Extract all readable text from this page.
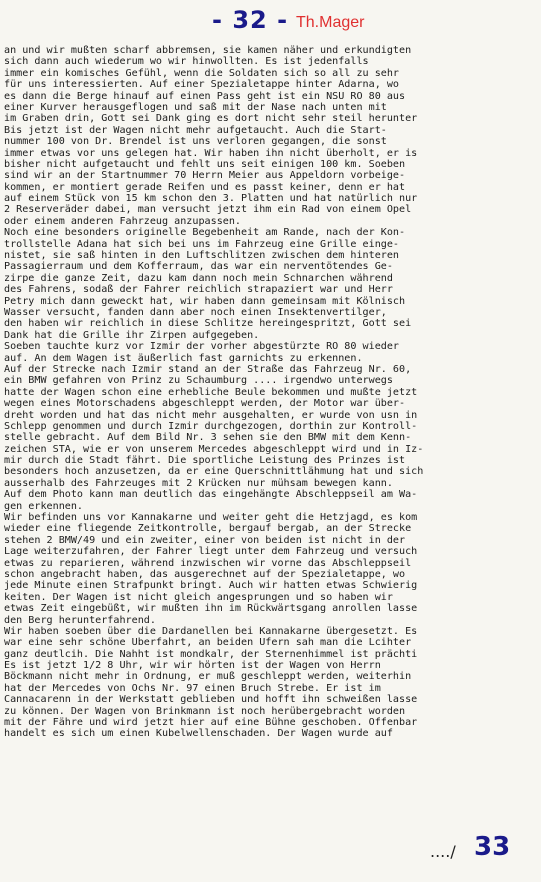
- 32 - Th.Mager
an und wir mußten scharf abbremsen, sie kamen näher und erkundigten
sich dann auch wiederum wo wir hinwollten. Es ist jedenfalls
immer ein komisches Gefühl, wenn die Soldaten sich so all zu sehr
für uns interessierten. Auf einer Spezialetappe hinter Adarna, wo
es dann die Berge hinauf auf einen Pass geht ist ein NSU RO 80 aus
einer Kurver herausgeflogen und saß mit der Nase nach unten mit
im Graben drin, Gott sei Dank ging es dort nicht sehr steil herunter
Bis jetzt ist der Wagen nicht mehr aufgetaucht. Auch die Start-
nummer 100 von Dr. Brendel ist uns verloren gegangen, die sonst
immer etwas vor uns gelegen hat. Wir haben ihn nicht überholt, er is
bisher nicht aufgetaucht und fehlt uns seit einigen 100 km. Soeben
sind wir an der Startnummer 70 Herrn Meier aus Appeldorn vorbeige-
kommen, er montiert gerade Reifen und es passt keiner, denn er hat
auf einem Stück von 15 km schon den 3. Platten und hat natürlich nur
2 Reserveräder dabei, man versucht jetzt ihm ein Rad von einem Opel
oder einem anderen Fahrzeug anzupassen.
Noch eine besonders originelle Begebenheit am Rande, nach der Kon-
trollstelle Adana hat sich bei uns im Fahrzeug eine Grille einge-
nistet, sie saß hinten in den Luftschlitzen zwischen dem hinteren
Passagierraum und dem Kofferraum, das war ein nerventötendes Ge-
zirpe die ganze Zeit, dazu kam dann noch mein Schnarchen während
des Fahrens, sodaß der Fahrer reichlich strapaziert war und Herr
Petry mich dann geweckt hat, wir haben dann gemeinsam mit Kölnisch
Wasser versucht, fanden dann aber noch einen Insektenvertilger,
den haben wir reichlich in diese Schlitze hereingespritzt, Gott sei
Dank hat die Grille ihr Zirpen aufgegeben.
Soeben tauchte kurz vor Izmir der vorher abgestürzte RO 80 wieder
auf. An dem Wagen ist äußerlich fast garnichts zu erkennen.
Auf der Strecke nach Izmir stand an der Straße das Fahrzeug Nr. 60,
ein BMW gefahren von Prinz zu Schaumburg .... irgendwo unterwegs
hatte der Wagen schon eine erhebliche Beule bekommen und mußte jetzt
wegen eines Motorschadens abgeschleppt werden, der Motor war über-
dreht worden und hat das nicht mehr ausgehalten, er wurde von usn in
Schlepp genommen und durch Izmir durchgezogen, dorthin zur Kontroll-
stelle gebracht. Auf dem Bild Nr. 3 sehen sie den BMW mit dem Kenn-
zeichen STA, wie er von unserem Mercedes abgeschleppt wird und in Iz-
mir durch die Stadt fährt. Die sportliche Leistung des Prinzes ist
besonders hoch anzusetzen, da er eine Querschnittlähmung hat und sich
ausserhalb des Fahrzeuges mit 2 Krücken nur mühsam bewegen kann.
Auf dem Photo kann man deutlich das eingehängte Abschleppseil am Wa-
gen erkennen.
Wir befinden uns vor Kannakarne und weiter geht die Hetzjagd, es kom
wieder eine fliegende Zeitkontrolle, bergauf bergab, an der Strecke
stehen 2 BMW/49 und ein zweiter, einer von beiden ist nicht in der
Lage weiterzufahren, der Fahrer liegt unter dem Fahrzeug und versuch
etwas zu reparieren, während inzwischen wir vorne das Abschleppseil
schon angebracht haben, das ausgerechnet auf der Spezialetappe, wo
jede Minute einen Strafpunkt bringt. Auch wir hatten etwas Schwierig
keiten. Der Wagen ist nicht gleich angesprungen und so haben wir
etwas Zeit eingebüßt, wir mußten ihn im Rückwärtsgang anrollen lasse
den Berg herunterfahrend.
Wir haben soeben über die Dardanellen bei Kannakarne übergesetzt. Es
war eine sehr schöne Überfahrt, an beiden Ufern sah man die Lcihter
ganz deutlcih. Die Nahht ist mondkalr, der Sternenhimmel ist prächti
Es ist jetzt 1/2 8 Uhr, wir wir hörten ist der Wagen von Herrn
Böckmann nicht mehr in Ordnung, er muß geschleppt werden, weiterhin
hat der Mercedes von Ochs Nr. 97 einen Bruch Strebe. Er ist im
Cannacarenn in der Werkstatt geblieben und hofft ihn schweißen lasse
zu können. Der Wagen von Brinkmann ist noch herübergebracht worden
mit der Fähre und wird jetzt hier auf eine Bühne geschoben. Offenbar
handelt es sich um einen Kubelwellenschaden. Der Wagen wurde auf
..../ 33
